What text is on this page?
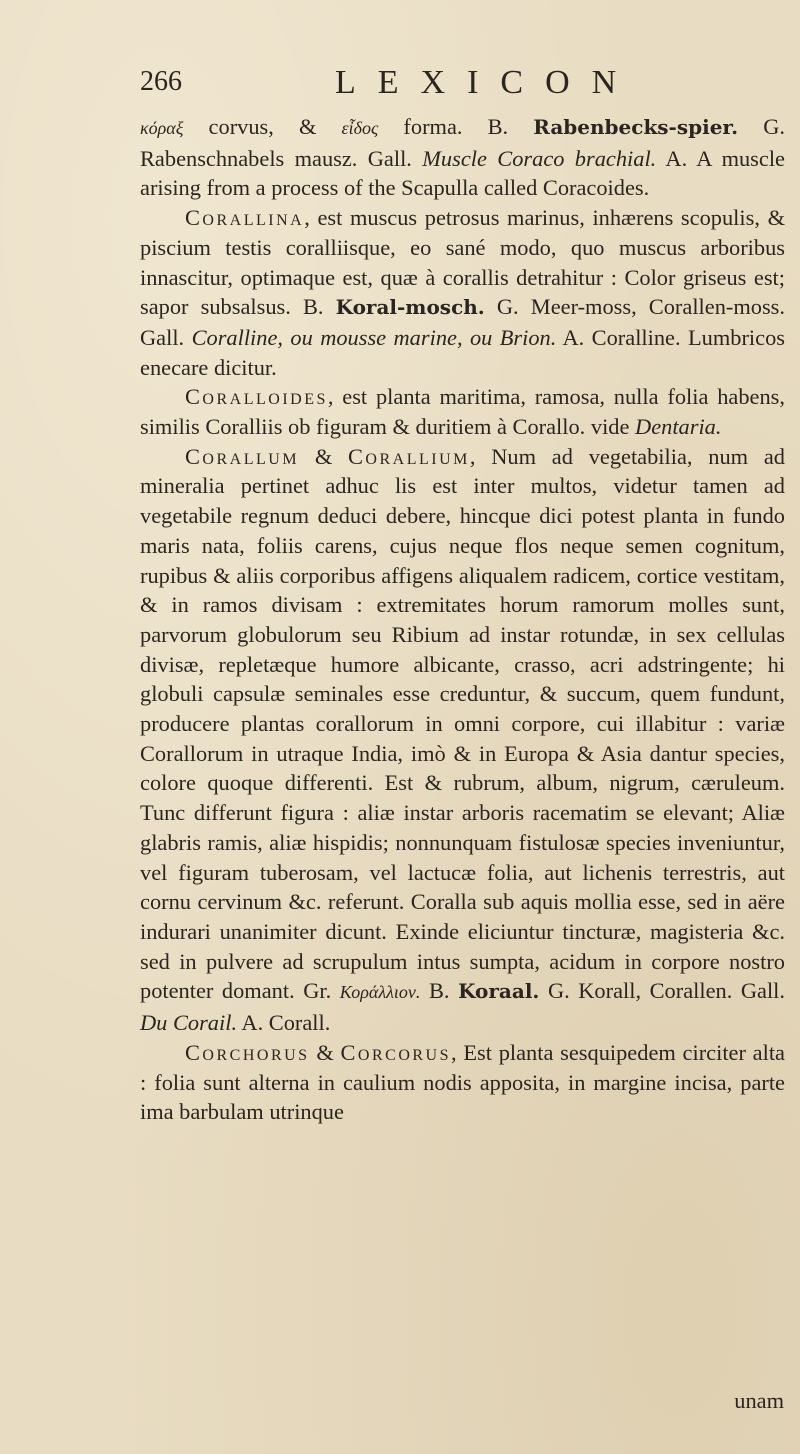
266	LEXICON

κόραξ corvus, & εἶδος forma. B. Rabenbecks-spier. G. Rabenschnabels mausz. Gall. Muscle Coraco brachial. A. A muscle arising from a process of the Scapulla called Coracoides.

Corallina, est muscus petrosus marinus, inhærens scopulis, & piscium testis coralliisque, eo sané modo, quo muscus arboribus innascitur, optimaque est, quæ à corallis detrahitur : Color griseus est; sapor subsalsus. B. Koral-mosch. G. Meer-moss, Corallen-moss. Gall. Coralline, ou mousse marine, ou Brion. A. Coralline. Lumbricos enecare dicitur.

Coralloides, est planta maritima, ramosa, nulla folia habens, similis Coralliis ob figuram & duritiem à Corallo. vide Dentaria.

Corallum & Corallium, Num ad vegetabilia, num ad mineralia pertinet adhuc lis est inter multos, videtur tamen ad vegetabile regnum deduci debere, hincque dici potest planta in fundo maris nata, foliis carens, cujus neque flos neque semen cognitum, rupibus & aliis corporibus affigens aliqualem radicem, cortice vestitam, & in ramos divisam : extremitates horum ramorum molles sunt, parvorum globulorum seu Ribium ad instar rotundæ, in sex cellulas divisæ, repletæque humore albicante, crasso, acri adstringente; hi globuli capsulæ seminales esse creduntur, & succum, quem fundunt, producere plantas corallorum in omni corpore, cui illabitur : variæ Corallorum in utraque India, imò & in Europa & Asia dantur species, colore quoque differenti. Est & rubrum, album, nigrum, cæruleum. Tunc differunt figura : aliæ instar arboris racematim se elevant; Aliæ glabris ramis, aliæ hispidis; nonnunquam fistulosæ species inveniuntur, vel figuram tuberosam, vel lactucæ folia, aut lichenis terrestris, aut cornu cervinum &c. referunt. Coralla sub aquis mollia esse, sed in aëre indurari unanimiter dicunt. Exinde eliciuntur tincturæ, magisteria &c. sed in pulvere ad scrupulum intus sumpta, acidum in corpore nostro potenter domant. Gr. Κοράλλιον. B. Koraal. G. Korall, Corallen. Gall. Du Corail. A. Corall.

Corchorus & Corcorus, Est planta sesquipedem circiter alta : folia sunt alterna in caulium nodis apposita, in margine incisa, parte ima barbulam utrinque

unam
